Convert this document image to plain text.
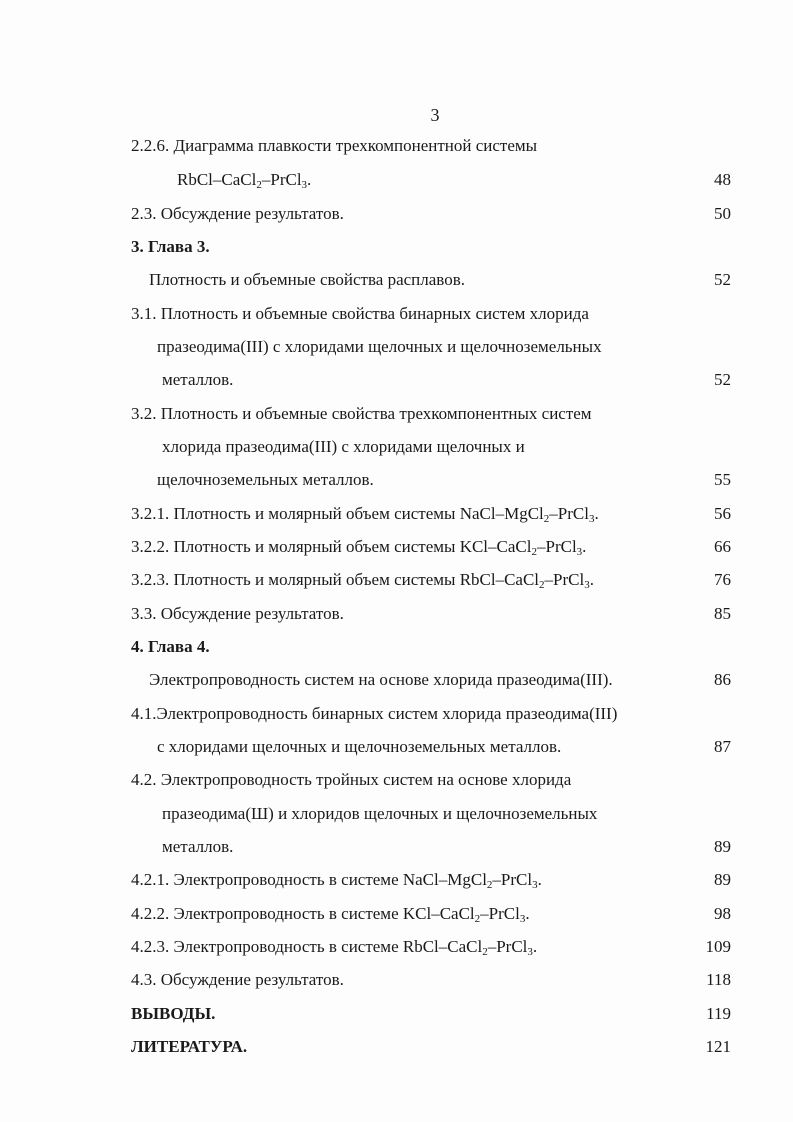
3
2.2.6. Диаграмма плавкости трехкомпонентной системы
RbCl–CaCl$_2$–PrCl$_3$.	48
2.3. Обсуждение результатов.	50
3. Глава 3.
Плотность и объемные свойства расплавов.	52
3.1. Плотность и объемные свойства бинарных систем хлорида
празеодима(III) с хлоридами щелочных и щелочноземельных
металлов.	52
3.2. Плотность и объемные свойства трехкомпонентных систем
хлорида празеодима(III) с хлоридами щелочных и
щелочноземельных металлов.	55
3.2.1. Плотность и молярный объем системы NaCl–MgCl$_2$–PrCl$_3$.	56
3.2.2. Плотность и молярный объем системы KCl–CaCl$_2$–PrCl$_3$.	66
3.2.3. Плотность и молярный объем системы RbCl–CaCl$_2$–PrCl$_3$.	76
3.3. Обсуждение результатов.	85
4. Глава 4.
Электропроводность систем на основе хлорида празеодима(III).	86
4.1.Электропроводность бинарных систем хлорида празеодима(III)
с хлоридами щелочных и щелочноземельных металлов.	87
4.2. Электропроводность тройных систем на основе хлорида
празеодима(Ш) и хлоридов щелочных и щелочноземельных
металлов.	89
4.2.1. Электропроводность в системе NaCl–MgCl$_2$–PrCl$_3$.	89
4.2.2. Электропроводность в системе KCl–CaCl$_2$–PrCl$_3$.	98
4.2.3. Электропроводность в системе RbCl–CaCl$_2$–PrCl$_3$.	109
4.3. Обсуждение результатов.	118
ВЫВОДЫ.	119
ЛИТЕРАТУРА.	121
